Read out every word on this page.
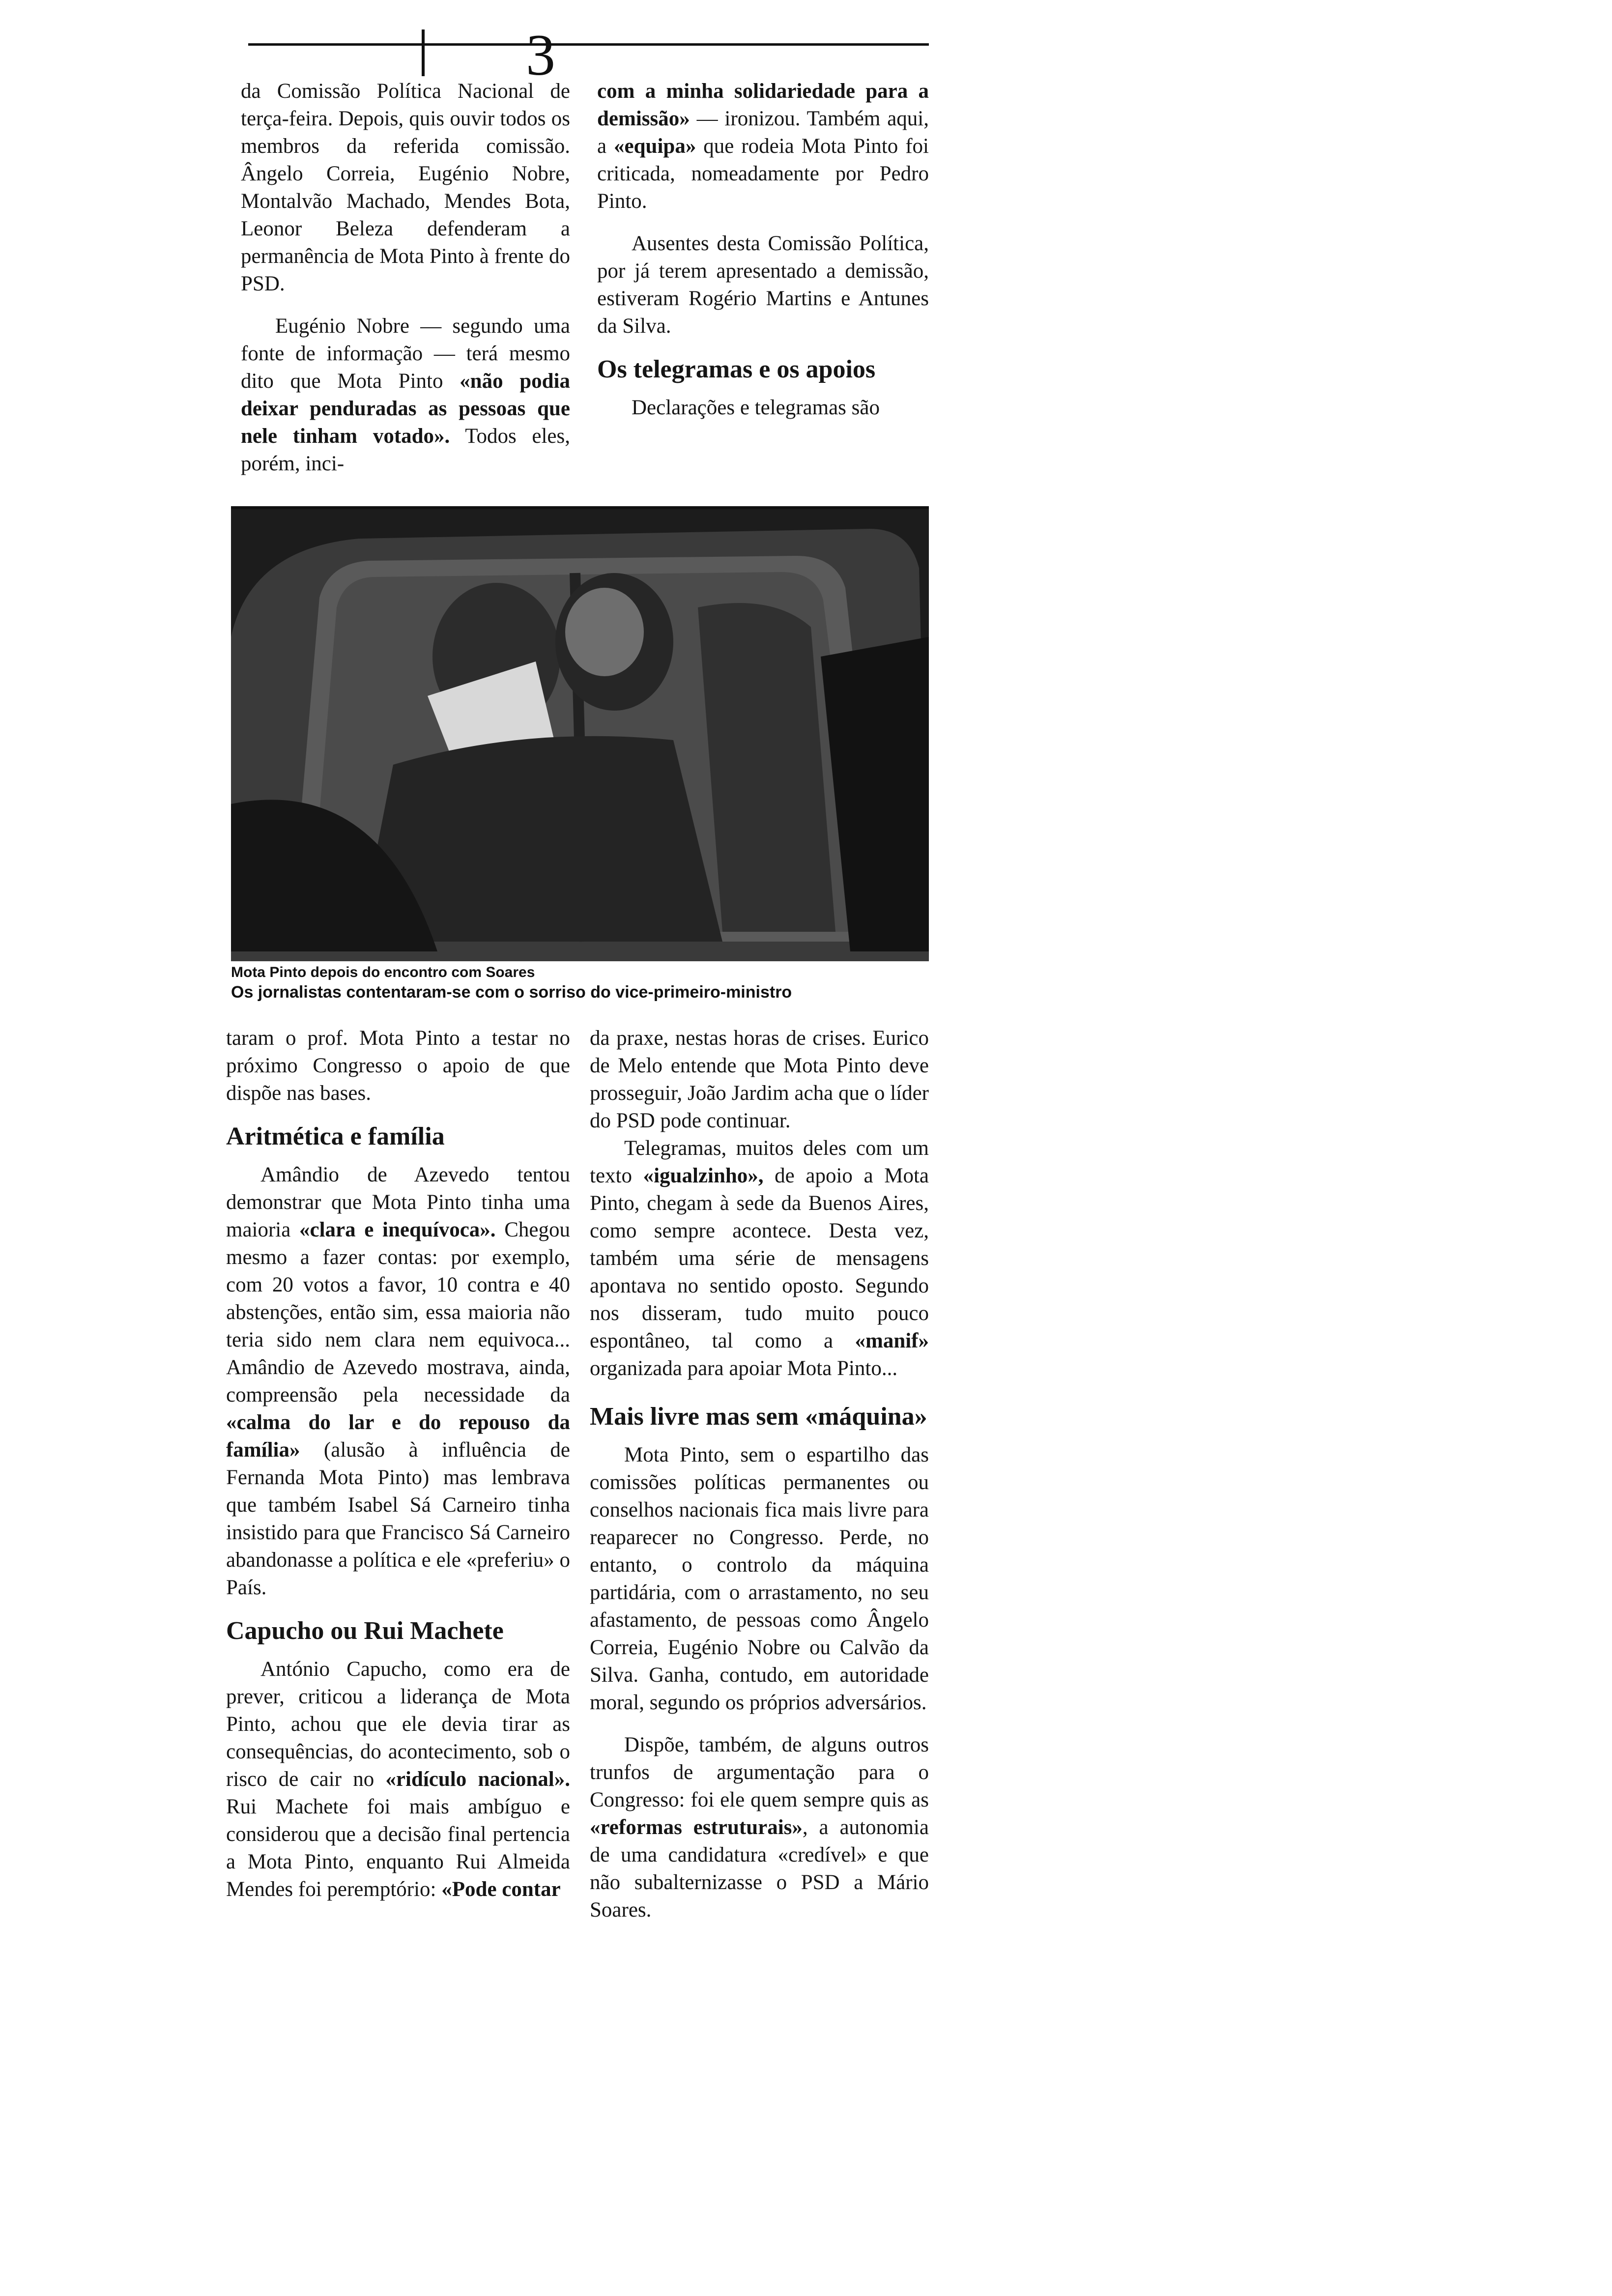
3

da Comissão Política Nacional de terça-feira. Depois, quis ouvir todos os membros da referida comissão. Ângelo Correia, Eugénio Nobre, Montalvão Machado, Mendes Bota, Leonor Beleza defenderam a permanência de Mota Pinto à frente do PSD.

Eugénio Nobre — segundo uma fonte de informação — terá mesmo dito que Mota Pinto «não podia deixar penduradas as pessoas que nele tinham votado». Todos eles, porém, inci-

com a minha solidariedade para a demissão» — ironizou. Também aqui, a «equipa» que rodeia Mota Pinto foi criticada, nomeadamente por Pedro Pinto.

Ausentes desta Comissão Política, por já terem apresentado a demissão, estiveram Rogério Martins e Antunes da Silva.

Os telegramas e os apoios

Declarações e telegramas são

Mota Pinto depois do encontro com Soares
Os jornalistas contentaram-se com o sorriso do vice-primeiro-ministro

taram o prof. Mota Pinto a testar no próximo Congresso o apoio de que dispõe nas bases.

Aritmética e família

Amândio de Azevedo tentou demonstrar que Mota Pinto tinha uma maioria «clara e inequívoca». Chegou mesmo a fazer contas: por exemplo, com 20 votos a favor, 10 contra e 40 abstenções, então sim, essa maioria não teria sido nem clara nem equivoca... Amândio de Azevedo mostrava, ainda, compreensão pela necessidade da «calma do lar e do repouso da família» (alusão à influência de Fernanda Mota Pinto) mas lembrava que também Isabel Sá Carneiro tinha insistido para que Francisco Sá Carneiro abandonasse a política e ele «preferiu» o País.

Capucho ou Rui Machete

António Capucho, como era de prever, criticou a liderança de Mota Pinto, achou que ele devia tirar as consequências, do acontecimento, sob o risco de cair no «ridículo nacional». Rui Machete foi mais ambíguo e considerou que a decisão final pertencia a Mota Pinto, enquanto Rui Almeida Mendes foi peremptório: «Pode contar

da praxe, nestas horas de crises. Eurico de Melo entende que Mota Pinto deve prosseguir, João Jardim acha que o líder do PSD pode continuar.

Telegramas, muitos deles com um texto «igualzinho», de apoio a Mota Pinto, chegam à sede da Buenos Aires, como sempre acontece. Desta vez, também uma série de mensagens apontava no sentido oposto. Segundo nos disseram, tudo muito pouco espontâneo, tal como a «manif» organizada para apoiar Mota Pinto...

Mais livre mas sem «máquina»

Mota Pinto, sem o espartilho das comissões políticas permanentes ou conselhos nacionais fica mais livre para reaparecer no Congresso. Perde, no entanto, o controlo da máquina partidária, com o arrastamento, no seu afastamento, de pessoas como Ângelo Correia, Eugénio Nobre ou Calvão da Silva. Ganha, contudo, em autoridade moral, segundo os próprios adversários.

Dispõe, também, de alguns outros trunfos de argumentação para o Congresso: foi ele quem sempre quis as «reformas estruturais», a autonomia de uma candidatura «credível» e que não subalternizasse o PSD a Mário Soares.
